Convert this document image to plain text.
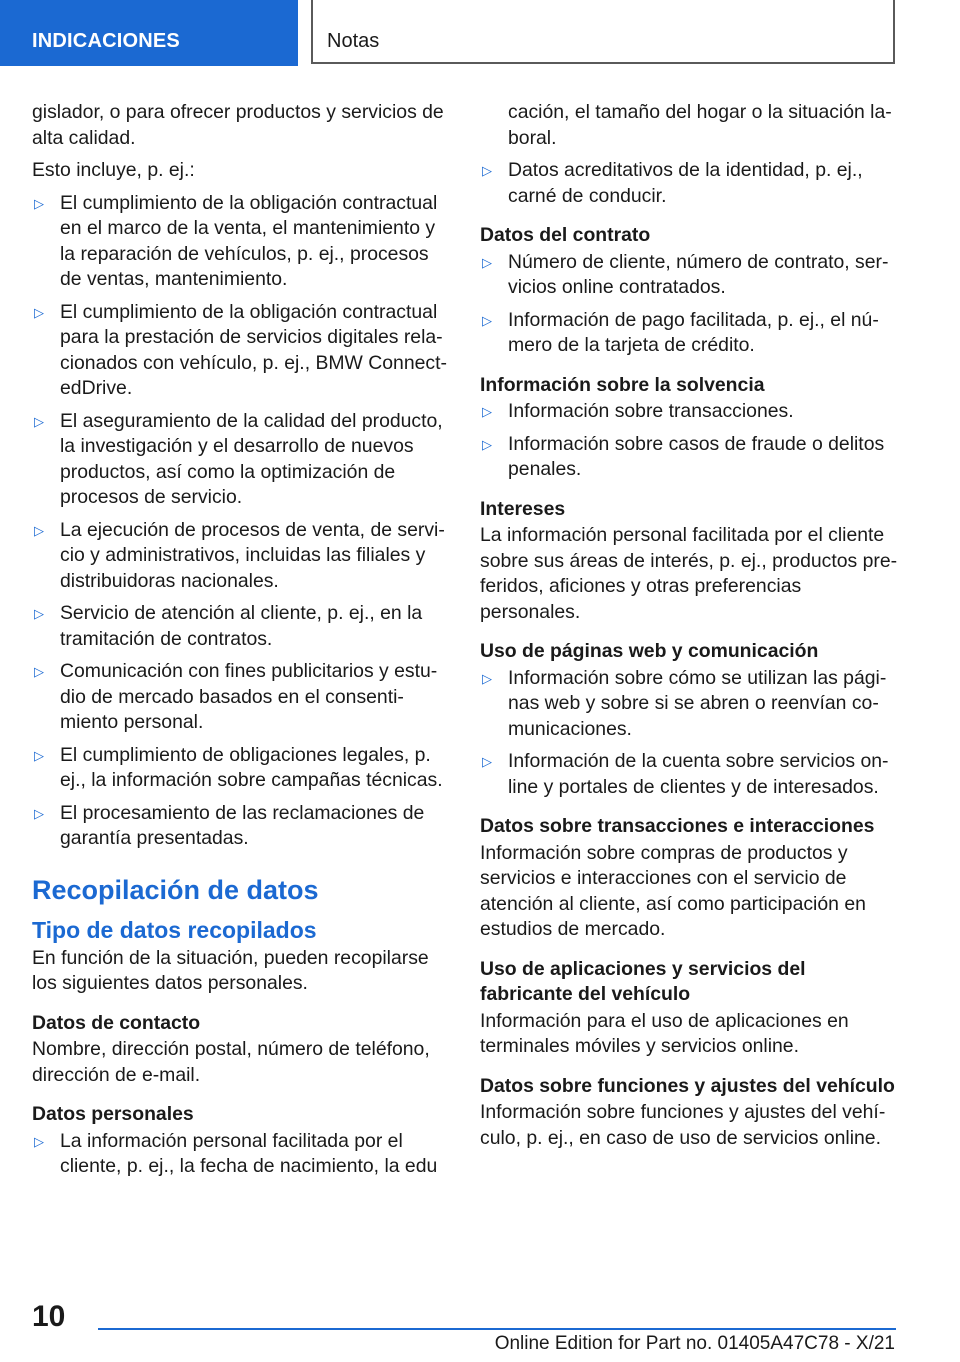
INDICACIONES	Notas

gislador, o para ofrecer productos y servicios de alta calidad.

Esto incluye, p. ej.:

▷ El cumplimiento de la obligación contractual en el marco de la venta, el mantenimiento y la reparación de vehículos, p. ej., procesos de ventas, mantenimiento.
▷ El cumplimiento de la obligación contractual para la prestación de servicios digitales relacionados con vehículo, p. ej., BMW ConnectedDrive.
▷ El aseguramiento de la calidad del producto, la investigación y el desarrollo de nuevos productos, así como la optimización de procesos de servicio.
▷ La ejecución de procesos de venta, de servicio y administrativos, incluidas las filiales y distribuidoras nacionales.
▷ Servicio de atención al cliente, p. ej., en la tramitación de contratos.
▷ Comunicación con fines publicitarios y estudio de mercado basados en el consentimiento personal.
▷ El cumplimiento de obligaciones legales, p. ej., la información sobre campañas técnicas.
▷ El procesamiento de las reclamaciones de garantía presentadas.
Recopilación de datos
Tipo de datos recopilados

En función de la situación, pueden recopilarse los siguientes datos personales.

Datos de contacto

Nombre, dirección postal, número de teléfono, dirección de e-mail.

Datos personales
▷ La información personal facilitada por el cliente, p. ej., la fecha de nacimiento, la edu
cación, el tamaño del hogar o la situación laboral.
▷ Datos acreditativos de la identidad, p. ej., carné de conducir.
Datos del contrato
▷ Número de cliente, número de contrato, servicios online contratados.
▷ Información de pago facilitada, p. ej., el número de la tarjeta de crédito.
Información sobre la solvencia
▷ Información sobre transacciones.
▷ Información sobre casos de fraude o delitos penales.
Intereses

La información personal facilitada por el cliente sobre sus áreas de interés, p. ej., productos preferidos, aficiones y otras preferencias personales.

Uso de páginas web y comunicación
▷ Información sobre cómo se utilizan las páginas web y sobre si se abren o reenvían comunicaciones.
▷ Información de la cuenta sobre servicios online y portales de clientes y de interesados.
Datos sobre transacciones e interacciones

Información sobre compras de productos y servicios e interacciones con el servicio de atención al cliente, así como participación en estudios de mercado.

Uso de aplicaciones y servicios del fabricante del vehículo

Información para el uso de aplicaciones en terminales móviles y servicios online.

Datos sobre funciones y ajustes del vehículo

Información sobre funciones y ajustes del vehículo, p. ej., en caso de uso de servicios online.

10
Online Edition for Part no. 01405A47C78 - X/21
